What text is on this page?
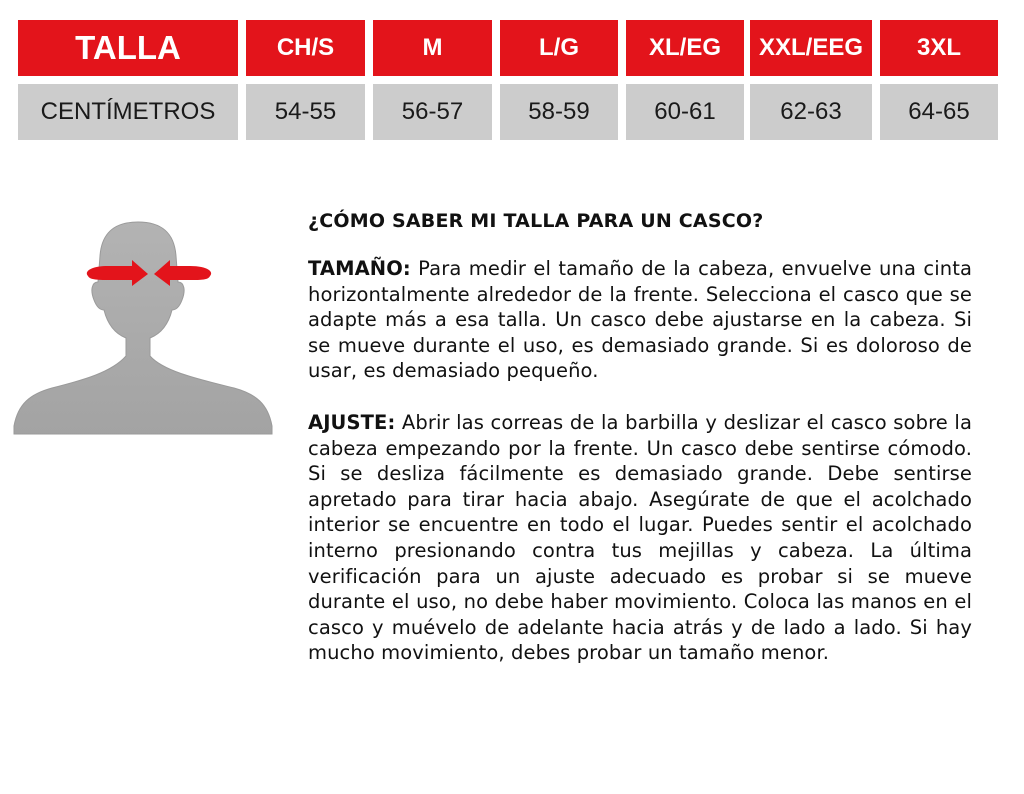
TALLA	CH/S	M	L/G	XL/EG	XXL/EEG	3XL
CENTÍMETROS	54-55	56-57	58-59	60-61	62-63	64-65
¿CÓMO SABER MI TALLA PARA UN CASCO?

TAMAÑO: Para medir el tamaño de la cabeza, envuelve una cinta horizontalmente alrededor de la frente. Selecciona el casco que se adapte más a esa talla. Un casco debe ajustarse en la cabeza. Si se mueve durante el uso, es demasiado grande. Si es doloroso de usar, es demasiado pequeño.

AJUSTE: Abrir las correas de la barbilla y deslizar el casco sobre la cabeza empezando por la frente. Un casco debe sentirse cómodo. Si se desliza fácilmente es demasiado grande. Debe sentirse apretado para tirar hacia abajo. Asegúrate de que el acolchado interior se encuentre en todo el lugar. Puedes sentir el acolchado interno presionando contra tus mejillas y cabeza. La última verificación para un ajuste adecuado es probar si se mueve durante el uso, no debe haber movimiento. Coloca las manos en el casco y muévelo de adelante hacia atrás y de lado a lado. Si hay mucho movimiento, debes probar un tamaño menor.
